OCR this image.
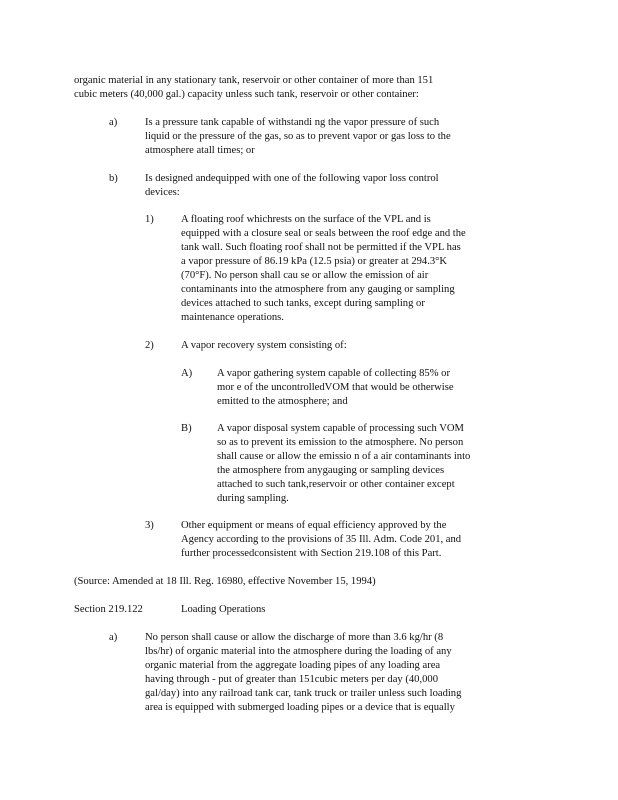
organic material in any stationary tank, reservoir or other container of more than 151
cubic meters (40,000 gal.) capacity unless such tank, reservoir or other container:
a)	Is a pressure tank capable of withstandi ng the vapor pressure of such
liquid or the pressure of the gas, so as to prevent vapor or gas loss to the
atmosphere atall times; or
b)	Is designed andequipped with one of the following vapor loss control
devices:
1)	A floating roof whichrests on the surface of the VPL and is
equipped with a closure seal or seals between the roof edge and the
tank wall. Such floating roof shall not be permitted if the VPL has
a vapor pressure of 86.19 kPa (12.5 psia) or greater at 294.3°K
(70°F). No person shall cau se or allow the emission of air
contaminants into the atmosphere from any gauging or sampling
devices attached to such tanks, except during sampling or
maintenance operations.
2)	A vapor recovery system consisting of:
A) A vapor gathering system capable of collecting 85% or
mor e of the uncontrolledVOM that would be otherwise
emitted to the atmosphere; and
B) A vapor disposal system capable of processing such VOM
so as to prevent its emission to the atmosphere. No person
shall cause or allow the emissio n of a air contaminants into
the atmosphere from anygauging or sampling devices
attached to such tank,reservoir or other container except
during sampling.
3)	Other equipment or means of equal efficiency approved by the
Agency according to the provisions of 35 Ill. Adm. Code 201, and
further processedconsistent with Section 219.108 of this Part.
(Source: Amended at 18 Ill. Reg. 16980, effective November 15, 1994)
Section 219.122	Loading Operations
a)	No person shall cause or allow the discharge of more than 3.6 kg/hr (8
lbs/hr) of organic material into the atmosphere during the loading of any
organic material from the aggregate loading pipes of any loading area
having through - put of greater than 151cubic meters per day (40,000
gal/day) into any railroad tank car, tank truck or trailer unless such loading
area is equipped with submerged loading pipes or a device that is equally
